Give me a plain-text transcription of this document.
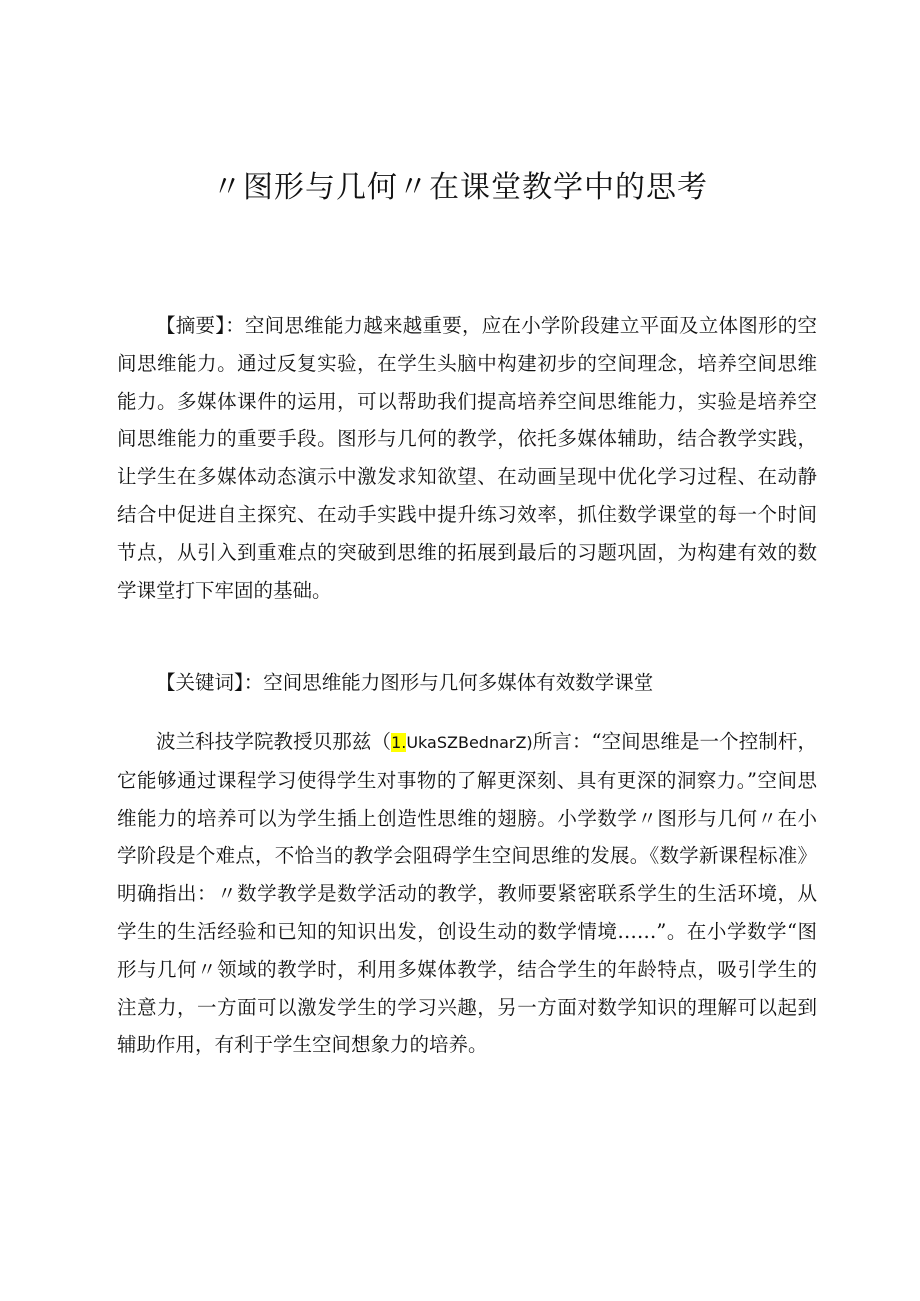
〃图形与几何〃在课堂教学中的思考

【摘要】：空间思维能力越来越重要，应在小学阶段建立平面及立体图形的空间思维能力。通过反复实验，在学生头脑中构建初步的空间理念，培养空间思维能力。多媒体课件的运用，可以帮助我们提高培养空间思维能力，实验是培养空间思维能力的重要手段。图形与几何的教学，依托多媒体辅助，结合教学实践，让学生在多媒体动态演示中激发求知欲望、在动画呈现中优化学习过程、在动静结合中促进自主探究、在动手实践中提升练习效率，抓住数学课堂的每一个时间节点，从引入到重难点的突破到思维的拓展到最后的习题巩固，为构建有效的数学课堂打下牢固的基础。

【关键词】：空间思维能力图形与几何多媒体有效数学课堂

波兰科技学院教授贝那兹（1.UkaSZBednarZ)所言：“空间思维是一个控制杆，它能够通过课程学习使得学生对事物的了解更深刻、具有更深的洞察力。”空间思维能力的培养可以为学生插上创造性思维的翅膀。小学数学〃图形与几何〃在小学阶段是个难点，不恰当的教学会阻碍学生空间思维的发展。《数学新课程标准》明确指出：〃数学教学是数学活动的教学，教师要紧密联系学生的生活环境，从学生的生活经验和已知的知识出发，创设生动的数学情境……”。在小学数学“图形与几何〃领域的教学时，利用多媒体教学，结合学生的年龄特点，吸引学生的注意力，一方面可以激发学生的学习兴趣，另一方面对数学知识的理解可以起到辅助作用，有利于学生空间想象力的培养。
